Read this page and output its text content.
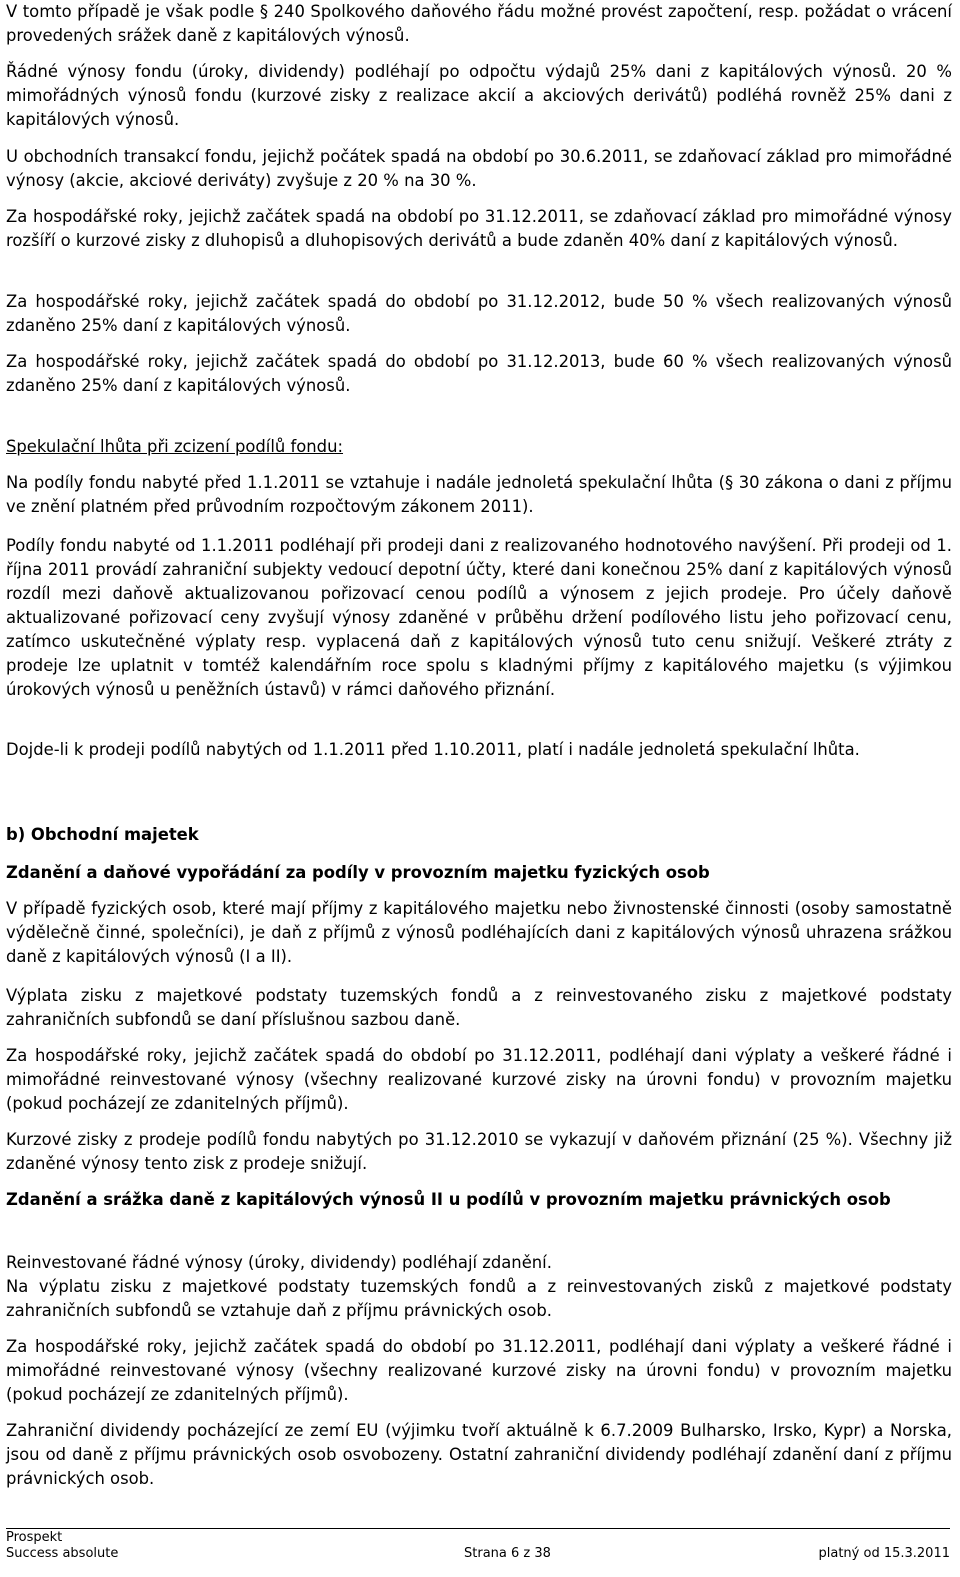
V tomto případě je však podle § 240 Spolkového daňového řádu možné provést započtení, resp. požádat o vrácení provedených srážek daně z kapitálových výnosů.

Řádné výnosy fondu (úroky, dividendy) podléhají po odpočtu výdajů 25% dani z kapitálových výnosů. 20 % mimořádných výnosů fondu (kurzové zisky z realizace akcií a akciových derivátů) podléhá rovněž 25% dani z kapitálových výnosů.

U obchodních transakcí fondu, jejichž počátek spadá na období po 30.6.2011, se zdaňovací základ pro mimořádné výnosy (akcie, akciové deriváty) zvyšuje z 20 % na 30 %.

Za hospodářské roky, jejichž začátek spadá na období po 31.12.2011, se zdaňovací základ pro mimořádné výnosy rozšíří o kurzové zisky z dluhopisů a dluhopisových derivátů a bude zdaněn 40% daní z kapitálových výnosů.

Za hospodářské roky, jejichž začátek spadá do období po 31.12.2012, bude 50 % všech realizovaných výnosů zdaněno 25% daní z kapitálových výnosů.

Za hospodářské roky, jejichž začátek spadá do období po 31.12.2013, bude 60 % všech realizovaných výnosů zdaněno 25% daní z kapitálových výnosů.

Spekulační lhůta při zcizení podílů fondu:

Na podíly fondu nabyté před 1.1.2011 se vztahuje i nadále jednoletá spekulační lhůta (§ 30 zákona o dani z příjmu ve znění platném před průvodním rozpočtovým zákonem 2011).

Podíly fondu nabyté od 1.1.2011 podléhají při prodeji dani z realizovaného hodnotového navýšení. Při prodeji od 1. října 2011 provádí zahraniční subjekty vedoucí depotní účty, které dani konečnou 25% daní z kapitálových výnosů rozdíl mezi daňově aktualizovanou pořizovací cenou podílů a výnosem z jejich prodeje. Pro účely daňově aktualizované pořizovací ceny zvyšují výnosy zdaněné v průběhu držení podílového listu jeho pořizovací cenu, zatímco uskutečněné výplaty resp. vyplacená daň z kapitálových výnosů tuto cenu snižují. Veškeré ztráty z prodeje lze uplatnit v tomtéž kalendářním roce spolu s kladnými příjmy z kapitálového majetku (s výjimkou úrokových výnosů u peněžních ústavů) v rámci daňového přiznání.

Dojde-li k prodeji podílů nabytých od 1.1.2011 před 1.10.2011, platí i nadále jednoletá spekulační lhůta.

b) Obchodní majetek

Zdanění a daňové vypořádání za podíly v provozním majetku fyzických osob

V případě fyzických osob, které mají příjmy z kapitálového majetku nebo živnostenské činnosti (osoby samostatně výdělečně činné, společníci), je daň z příjmů z výnosů podléhajících dani z kapitálových výnosů uhrazena srážkou daně z kapitálových výnosů (I a II).

Výplata zisku z majetkové podstaty tuzemských fondů a z reinvestovaného zisku z majetkové podstaty zahraničních subfondů se daní příslušnou sazbou daně.

Za hospodářské roky, jejichž začátek spadá do období po 31.12.2011, podléhají dani výplaty a veškeré řádné i mimořádné reinvestované výnosy (všechny realizované kurzové zisky na úrovni fondu) v provozním majetku (pokud pocházejí ze zdanitelných příjmů).

Kurzové zisky z prodeje podílů fondu nabytých po 31.12.2010 se vykazují v daňovém přiznání (25 %). Všechny již zdaněné výnosy tento zisk z prodeje snižují.

Zdanění a srážka daně z kapitálových výnosů II u podílů v provozním majetku právnických osob

Reinvestované řádné výnosy (úroky, dividendy) podléhají zdanění.

Na výplatu zisku z majetkové podstaty tuzemských fondů a z reinvestovaných zisků z majetkové podstaty zahraničních subfondů se vztahuje daň z příjmu právnických osob.

Za hospodářské roky, jejichž začátek spadá do období po 31.12.2011, podléhají dani výplaty a veškeré řádné i mimořádné reinvestované výnosy (všechny realizované kurzové zisky na úrovni fondu) v provozním majetku (pokud pocházejí ze zdanitelných příjmů).

Zahraniční dividendy pocházející ze zemí EU (výjimku tvoří aktuálně k 6.7.2009 Bulharsko, Irsko, Kypr) a Norska, jsou od daně z příjmu právnických osob osvobozeny. Ostatní zahraniční dividendy podléhají zdanění daní z příjmu právnických osob.

Prospekt
Success absolute	Strana 6 z 38	platný od 15.3.2011
